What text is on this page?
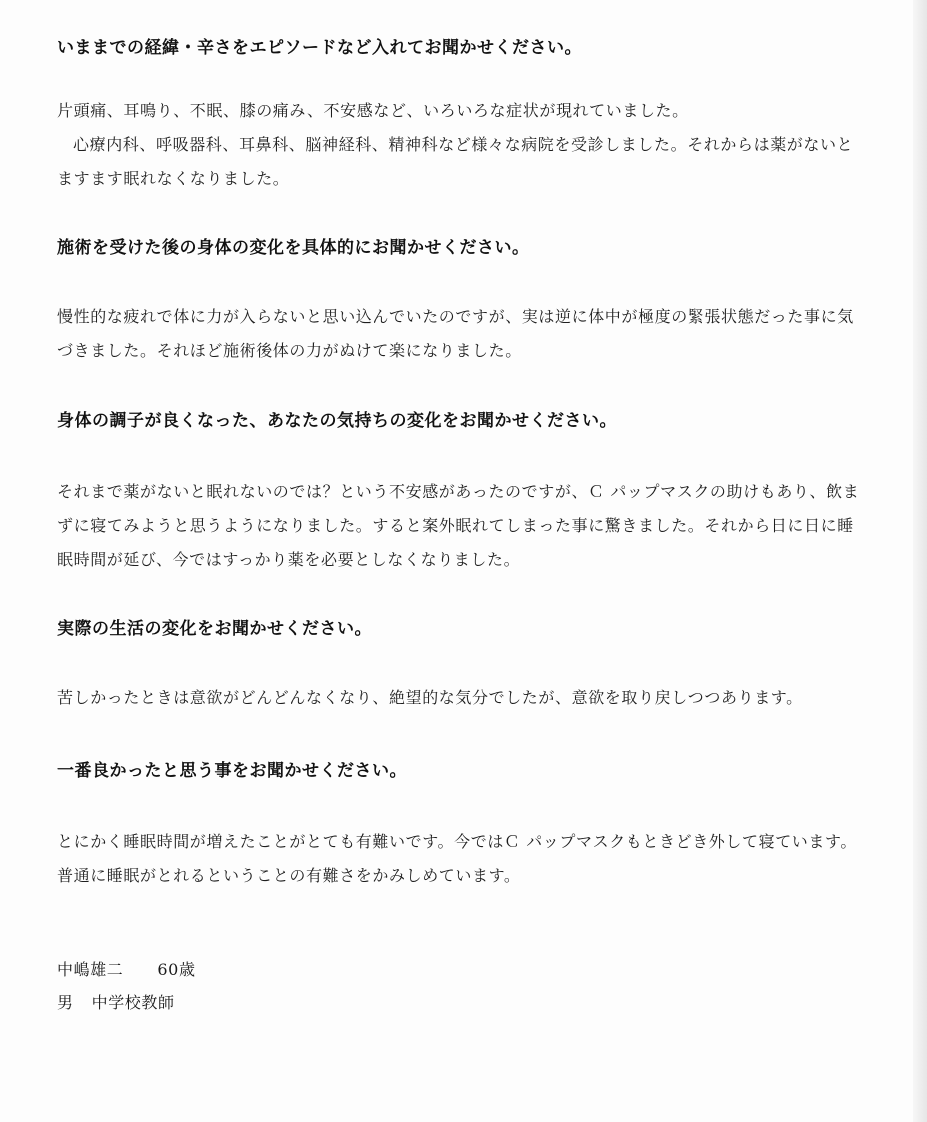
いままでの経緯・辛さをエピソードなど入れてお聞かせください。

片頭痛、耳鳴り、不眠、膝の痛み、不安感など、いろいろな症状が現れていました。

心療内科、呼吸器科、耳鼻科、脳神経科、精神科など様々な病院を受診しました。それからは薬がないとますます眠れなくなりました。

施術を受けた後の身体の変化を具体的にお聞かせください。

慢性的な疲れで体に力が入らないと思い込んでいたのですが、実は逆に体中が極度の緊張状態だった事に気づきました。それほど施術後体の力がぬけて楽になりました。

身体の調子が良くなった、あなたの気持ちの変化をお聞かせください。

それまで薬がないと眠れないのでは？という不安感があったのですが、Ｃ パップマスクの助けもあり、飲まずに寝てみようと思うようになりました。すると案外眠れてしまった事に驚きました。それから日に日に睡眠時間が延び、今ではすっかり薬を必要としなくなりました。

実際の生活の変化をお聞かせください。

苦しかったときは意欲がどんどんなくなり、絶望的な気分でしたが、意欲を取り戻しつつあります。

一番良かったと思う事をお聞かせください。

とにかく睡眠時間が増えたことがとても有難いです。今ではＣ パップマスクもときどき外して寝ています。普通に睡眠がとれるということの有難さをかみしめています。

中嶋雄二 60歳
男 中学校教師
